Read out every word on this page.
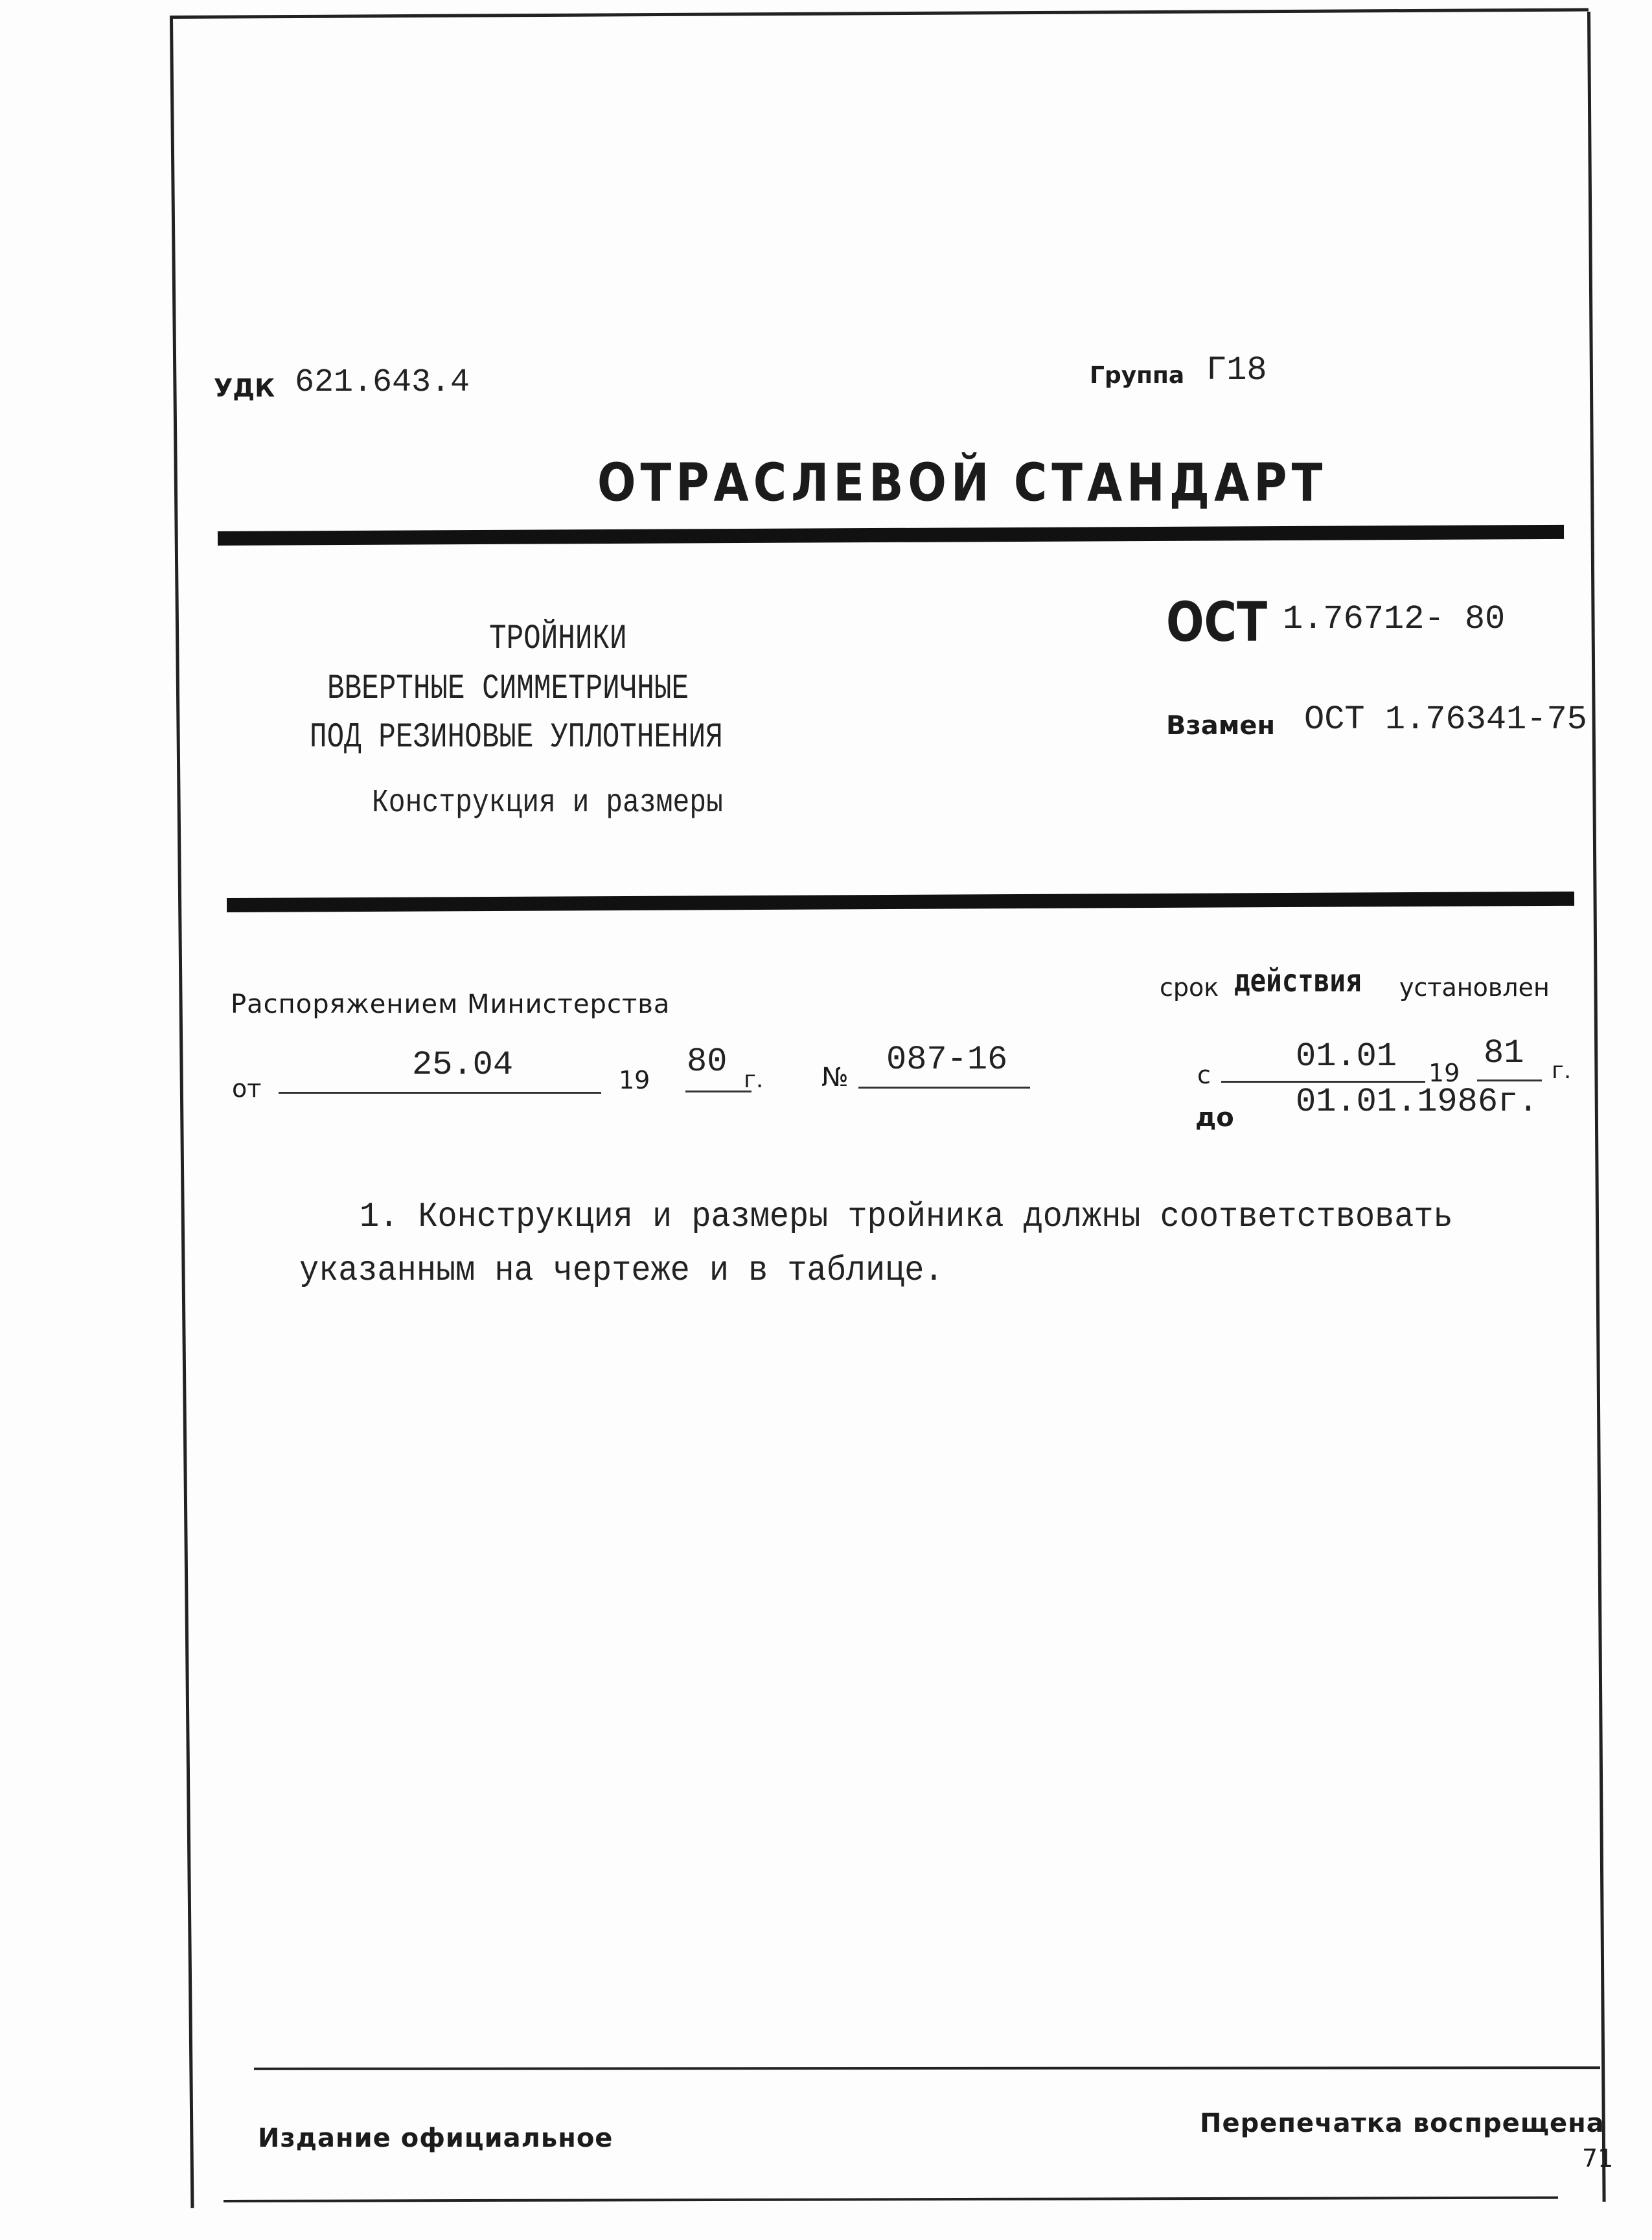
УДК 621.643.4	Группа Г18
ОТРАСЛЕВОЙ СТАНДАРТ
ТРОЙНИКИ
ВВЕРТНЫЕ СИММЕТРИЧНЫЕ
ПОД РЕЗИНОВЫЕ УПЛОТНЕНИЯ
Конструкция и размеры
ОСТ 1.76712- 80
Взамен ОСТ 1.76341-75
Распоряжением Министерства
от
25.04	19 80 г. № 087-16
срок действия установлен
с	01.01 19
81 г.
до 01.01.1986г.
1. Конструкция и размеры тройника должны соответствовать
указанным на чертеже и в таблице.
Издание официальное	Перепечатка воспрещена
71
